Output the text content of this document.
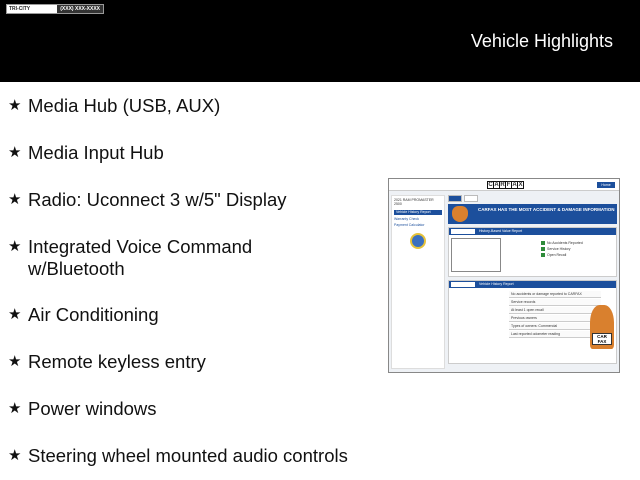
TRI-CITY	(XXX) XXX-XXXX
Vehicle Highlights
★ Media Hub (USB, AUX)
★ Media Input Hub
★ Radio: Uconnect 3 w/5" Display
★ Integrated Voice Command w/Bluetooth
★ Air Conditioning
★ Remote keyless entry
★ Power windows
★ Steering wheel mounted audio controls
C A R F A X	Home
2021 RAM PROMASTER 2500
Vehicle History Report
Warranty Check
Payment Calculator
CARFAX HAS THE MOST ACCIDENT & DAMAGE INFORMATION
History-Based Value Report
No Accidents Reported
Service History
Open Recall
Vehicle History Report
No accidents or damage reported to CARFAX
Service records
At least 1 open recall
Previous owners
Types of owners: Commercial
Last reported odometer reading	CAR FAX
